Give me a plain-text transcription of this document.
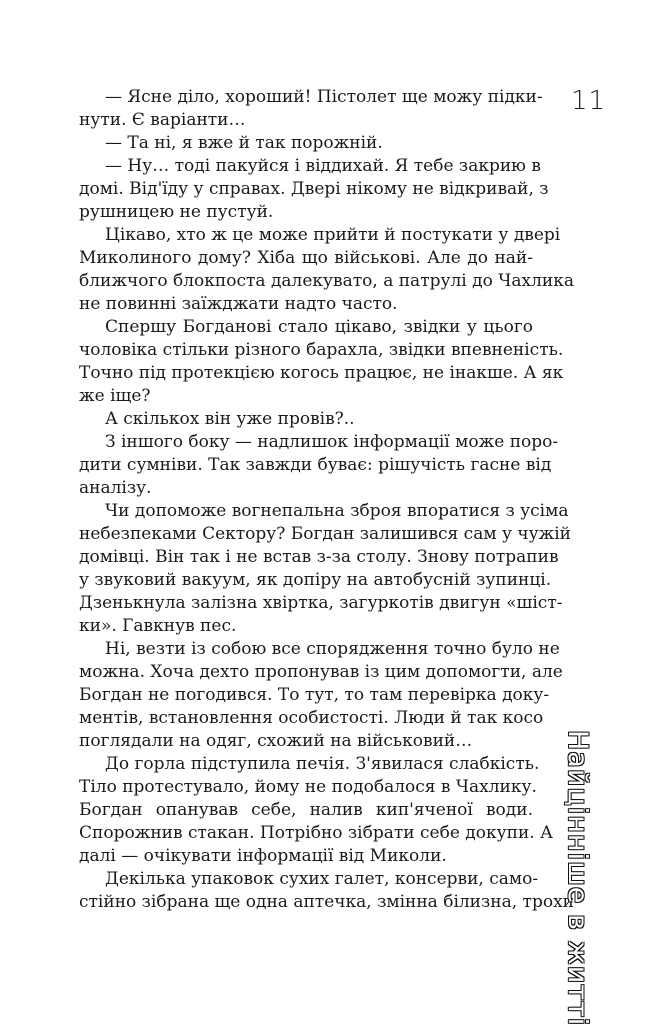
11
— Ясне діло, хороший! Пістолет ще можу підки-
нути. Є варіанти…
— Та ні, я вже й так порожній.
— Ну… тоді пакуйся і віддихай. Я тебе закрию в
домі. Від'їду у справах. Двері нікому не відкривай, з
рушницею не пустуй.
Цікаво, хто ж це може прийти й постукати у двері
Миколиного дому? Хіба що військові. Але до най-
ближчого блокпоста далекувато, а патрулі до Чахлика
не повинні заїжджати надто часто.
Спершу Богданові стало цікаво, звідки у цього
чоловіка стільки різного барахла, звідки впевненість.
Точно під протекцією когось працює, не інакше. А як
же іще?
А скількох він уже провів?..
З іншого боку — надлишок інформації може поро-
дити сумніви. Так завжди буває: рішучість гасне від
аналізу.
Чи допоможе вогнепальна зброя впоратися з усіма
небезпеками Сектору? Богдан залишився сам у чужій
домівці. Він так і не встав з-за столу. Знову потрапив
у звуковий вакуум, як допіру на автобусній зупинці.
Дзенькнула залізна хвіртка, загуркотів двигун «шіст-
ки». Гавкнув пес.
Ні, везти із собою все спорядження точно було не
можна. Хоча дехто пропонував із цим допомогти, але
Богдан не погодився. То тут, то там перевірка доку-
ментів, встановлення особистості. Люди й так косо
поглядали на одяг, схожий на військовий…
До горла підступила печія. З'явилася слабкість.
Тіло протестувало, йому не подобалося в Чахлику.
Богдан опанував себе, налив кип'яченої води.
Спорожнив стакан. Потрібно зібрати себе докупи. А
далі — очікувати інформації від Миколи.
Декілька упаковок сухих галет, консерви, само-
стійно зібрана ще одна аптечка, змінна білизна, трохи
Найцінніше в житті
